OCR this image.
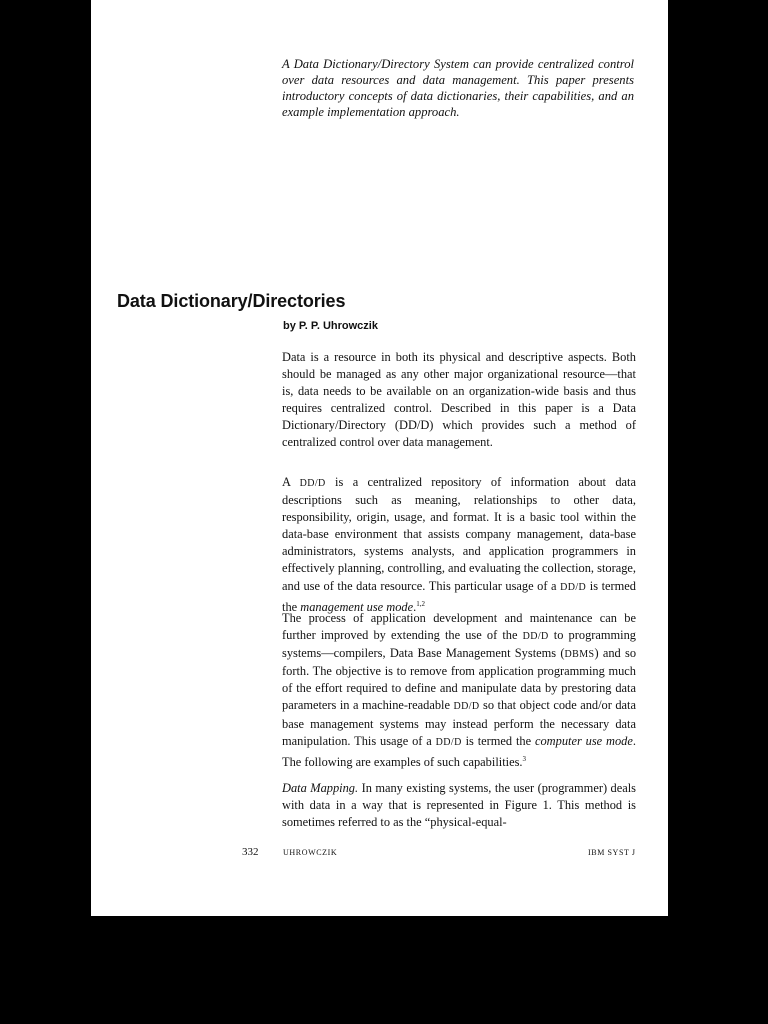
A Data Dictionary/Directory System can provide centralized control over data resources and data management. This paper presents introductory concepts of data dictionaries, their capabilities, and an example implementation approach.
Data Dictionary/Directories
by P. P. Uhrowczik

Data is a resource in both its physical and descriptive aspects. Both should be managed as any other major organizational resource—that is, data needs to be available on an organization-wide basis and thus requires centralized control. Described in this paper is a Data Dictionary/Directory (DD/D) which provides such a method of centralized control over data management.

A DD/D is a centralized repository of information about data descriptions such as meaning, relationships to other data, responsibility, origin, usage, and format. It is a basic tool within the data-base environment that assists company management, data-base administrators, systems analysts, and application programmers in effectively planning, controlling, and evaluating the collection, storage, and use of the data resource. This particular usage of a DD/D is termed the management use mode.$^{1,2}$

The process of application development and maintenance can be further improved by extending the use of the DD/D to programming systems—compilers, Data Base Management Systems (DBMS) and so forth. The objective is to remove from application programming much of the effort required to define and manipulate data by prestoring data parameters in a machine-readable DD/D so that object code and/or data base management systems may instead perform the necessary data manipulation. This usage of a DD/D is termed the computer use mode. The following are examples of such capabilities.$^3$

Data Mapping. In many existing systems, the user (programmer) deals with data in a way that is represented in Figure 1. This method is sometimes referred to as the “physical-equal-

332	UHROWCZIK	IBM SYST J
